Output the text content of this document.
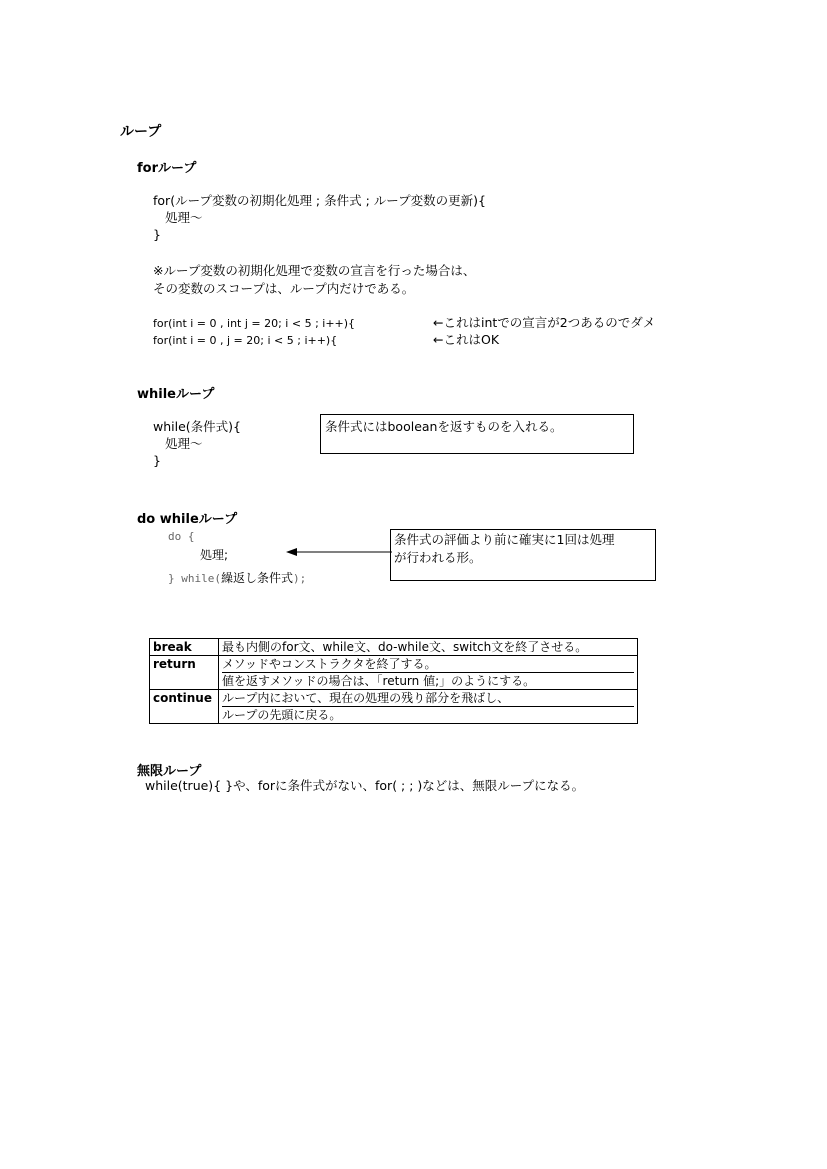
ループ
forループ
for(ループ変数の初期化処理 ; 条件式 ; ループ変数の更新){
処理～
}
※ループ変数の初期化処理で変数の宣言を行った場合は、
その変数のスコープは、ループ内だけである。
for(int i = 0 , int j = 20; i < 5 ; i++){	←これはintでの宣言が2つあるのでダメ
for(int i = 0 , j = 20; i < 5 ; i++){	←これはOK
whileループ
while(条件式){
処理～
}
条件式にはbooleanを返すものを入れる。
do whileループ
do {
処理;
} while(繰返し条件式);
条件式の評価より前に確実に1回は処理
が行われる形。
break	最も内側のfor文、while文、do-while文、switch文を終了させる。

return	メソッドやコンストラクタを終了する。
値を返すメソッドの場合は、「return 値;」のようにする。

continue	ループ内において、現在の処理の残り部分を飛ばし、
ループの先頭に戻る。
無限ループ
while(true){ }や、forに条件式がない、for( ; ; )などは、無限ループになる。
